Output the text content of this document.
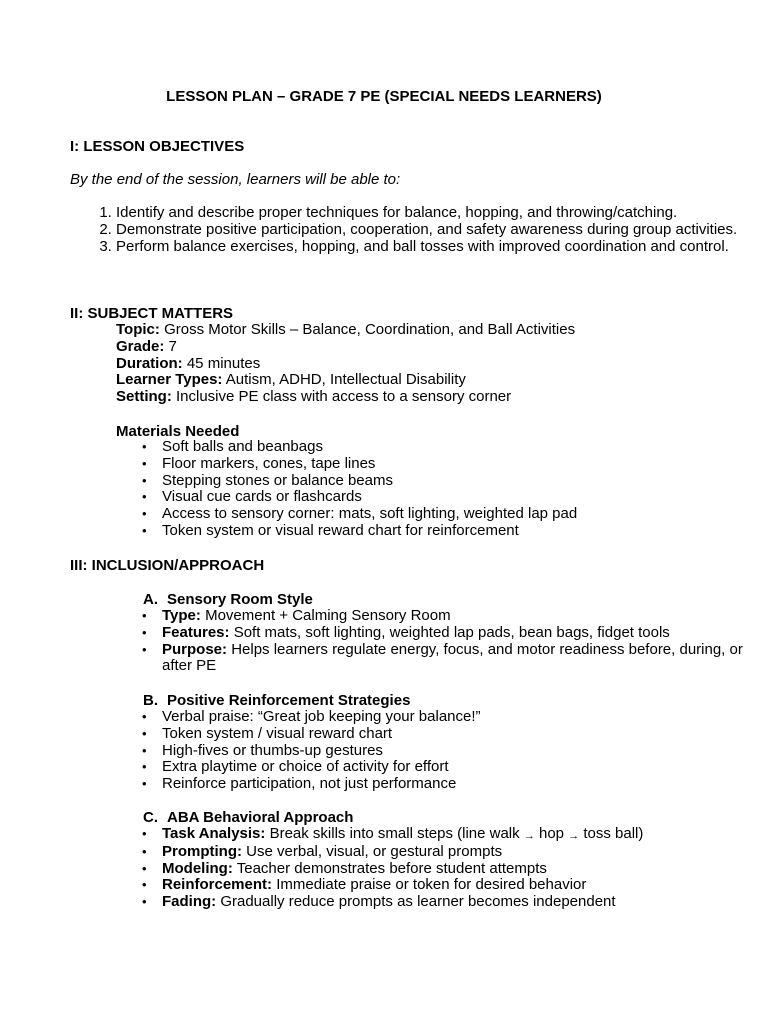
LESSON PLAN – GRADE 7 PE (SPECIAL NEEDS LEARNERS)
I: LESSON OBJECTIVES
By the end of the session, learners will be able to:
1. Identify and describe proper techniques for balance, hopping, and throwing/catching.
2. Demonstrate positive participation, cooperation, and safety awareness during group activities.
3. Perform balance exercises, hopping, and ball tosses with improved coordination and control.
II: SUBJECT MATTERS
Topic: Gross Motor Skills – Balance, Coordination, and Ball Activities
Grade: 7
Duration: 45 minutes
Learner Types: Autism, ADHD, Intellectual Disability
Setting: Inclusive PE class with access to a sensory corner
Materials Needed
• Soft balls and beanbags
• Floor markers, cones, tape lines
• Stepping stones or balance beams
• Visual cue cards or flashcards
• Access to sensory corner: mats, soft lighting, weighted lap pad
• Token system or visual reward chart for reinforcement
III: INCLUSION/APPROACH
A. Sensory Room Style
• Type: Movement + Calming Sensory Room
• Features: Soft mats, soft lighting, weighted lap pads, bean bags, fidget tools
• Purpose: Helps learners regulate energy, focus, and motor readiness before, during, or after PE
B. Positive Reinforcement Strategies
• Verbal praise: “Great job keeping your balance!”
• Token system / visual reward chart
• High-fives or thumbs-up gestures
• Extra playtime or choice of activity for effort
• Reinforce participation, not just performance
C. ABA Behavioral Approach
• Task Analysis: Break skills into small steps (line walk → hop → toss ball)
• Prompting: Use verbal, visual, or gestural prompts
• Modeling: Teacher demonstrates before student attempts
• Reinforcement: Immediate praise or token for desired behavior
• Fading: Gradually reduce prompts as learner becomes independent
